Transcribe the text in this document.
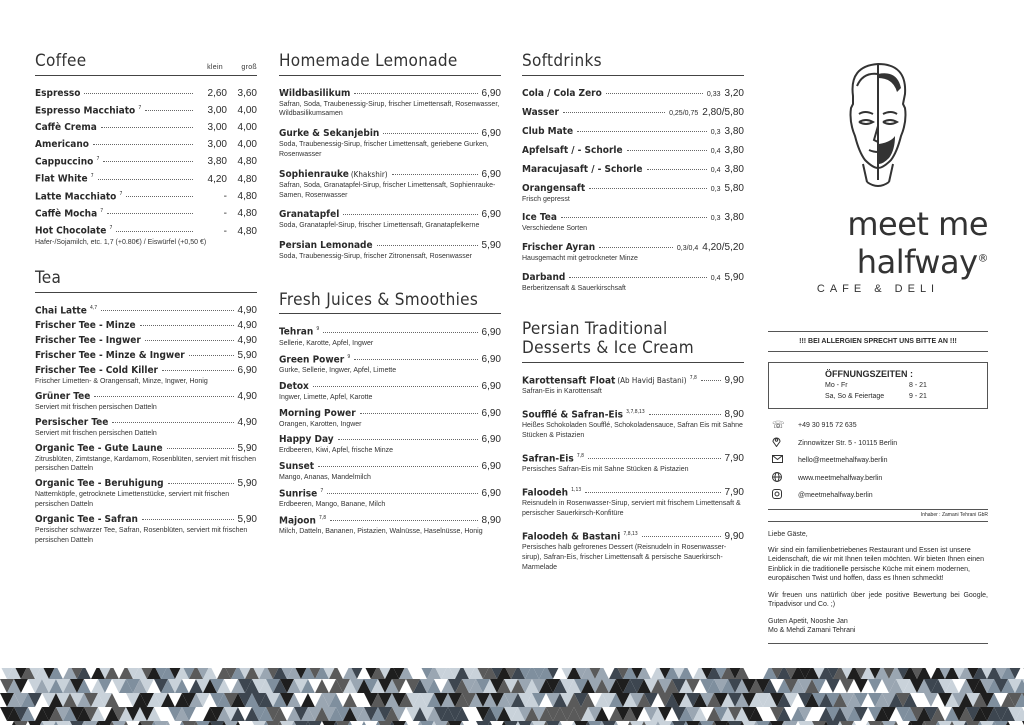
Coffee	klein	groß
Espresso	2,60	3,60
Espresso Macchiato $^7$	3,00	4,00
Caffè Crema	3,00	4,00
Americano	3,00	4,00
Cappuccino $^7$	3,80	4,80
Flat White $^7$	4,20	4,80
Latte Macchiato $^7$	-	4,80
Caffè Mocha $^7$	-	4,80
Hot Chocolate $^7$	-	4,80
Hafer-/Sojamilch, etc. 1,7 (+0.80€) / Eiswürfel (+0,50 €)
Tea
Chai Latte $^{4,7}$	4,90
Frischer Tee - Minze	4,90
Frischer Tee - Ingwer	4,90
Frischer Tee - Minze & Ingwer	5,90
Frischer Tee - Cold Killer	6,90
Frischer Limetten- & Orangensaft, Minze, Ingwer, Honig
Grüner Tee	4,90
Serviert mit frischen persischen Datteln
Persischer Tee	4,90
Serviert mit frischen persischen Datteln
Organic Tee - Gute Laune	5,90
Zitrusblüten, Zimtstange, Kardamom, Rosenblüten, serviert mit frischen persischen Datteln
Organic Tee - Beruhigung	5,90
Natternköpfe, getrocknete Limettenstücke, serviert mit frischen persischen Datteln
Organic Tee - Safran	5,90
Persischer schwarzer Tee, Safran, Rosenblüten, serviert mit frischen persischen Datteln
Homemade Lemonade
Wildbasilikum	6,90
Safran, Soda, Traubenessig-Sirup, frischer Limettensaft, Rosenwasser, Wildbasilikumsamen
Gurke & Sekanjebin	6,90
Soda, Traubenessig-Sirup, frischer Limettensaft, geriebene Gurken, Rosenwasser
Sophienrauke (Khakshir)	6,90
Safran, Soda, Granatapfel-Sirup, frischer Limettensaft, Sophienrauke-Samen, Rosenwasser
Granatapfel	6,90
Soda, Granatapfel-Sirup, frischer Limettensaft, Granatapfelkerne
Persian Lemonade	5,90
Soda, Traubenessig-Sirup, frischer Zitronensaft, Rosenwasser
Fresh Juices & Smoothies
Tehran $^9$	6,90
Sellerie, Karotte, Apfel, Ingwer
Green Power $^9$	6,90
Gurke, Sellerie, Ingwer, Apfel, Limette
Detox	6,90
Ingwer, Limette, Apfel, Karotte
Morning Power	6,90
Orangen, Karotten, Ingwer
Happy Day	6,90
Erdbeeren, Kiwi, Apfel, frische Minze
Sunset	6,90
Mango, Ananas, Mandelmilch
Sunrise $^7$	6,90
Erdbeeren, Mango, Banane, Milch
Majoon $^{7,8}$	8,90
Milch, Datteln, Bananen, Pistazien, Walnüsse, Haselnüsse, Honig
Softdrinks
Cola / Cola Zero	0,33 3,20
Wasser	0,25/0,75 2,80/5,80
Club Mate	0,3 3,80
Apfelsaft / - Schorle	0,4 3,80
Maracujasaft / - Schorle	0,4 3,80
Orangensaft	0,3 5,80
Frisch gepresst
Ice Tea	0,3 3,80
Verschiedene Sorten
Frischer Ayran	0,3/0,4 4,20/5,20
Hausgemacht mit getrockneter Minze
Darband	0,4 5,90
Berberitzensaft & Sauerkirschsaft
Persian Traditional
Desserts & Ice Cream
Karottensaft Float (Ab Havidj Bastani) $^{7,8}$	9,90
Safran-Eis in Karottensaft
Soufflé & Safran-Eis $^{3,7,8,13}$	8,90
Heißes Schokoladen Soufflé, Schokoladensauce, Safran Eis mit Sahne Stücken & Pistazien
Safran-Eis $^{7,8}$	7,90
Persisches Safran-Eis mit Sahne Stücken & Pistazien
Faloodeh $^{1,13}$	7,90
Reisnudeln in Rosenwasser-Sirup, serviert mit frischem Limettensaft & persischer Sauerkirsch-Konfitüre
Faloodeh & Bastani $^{7,8,13}$	9,90
Persisches halb gefrorenes Dessert (Reisnudeln in Rosenwasser-sirup), Safran-Eis, frischer Limettensaft & persische Sauerkirsch- Marmelade
meet me halfway®
CAFE & DELI
!!! BEI ALLERGIEN SPRECHT UNS BITTE AN !!!
ÖFFNUNGSZEITEN :
Mo - Fr	8 - 21
Sa, So & Feiertage	9 - 21
☏	+49 30 915 72 635
Zinnowitzer Str. 5 - 10115 Berlin
hello@meetmehalfway.berlin
www.meetmehalfway.berlin
@meetmehalfway.berlin
Inhaber : Zamani Tehrani GbR

Liebe Gäste,

Wir sind ein familienbetriebenes Restaurant und Essen ist unsere Leidenschaft, die wir mit Ihnen teilen möchten. Wir bieten Ihnen einen Einblick in die traditionelle persische Küche mit einem modernen, europäischen Twist und hoffen, dass es Ihnen schmeckt!

Wir freuen uns natürlich über jede positive Bewertung bei Google, Tripadvisor und Co. ;)

Guten Apetit, Nooshe Jan
Mo & Mehdi Zamani Tehrani
